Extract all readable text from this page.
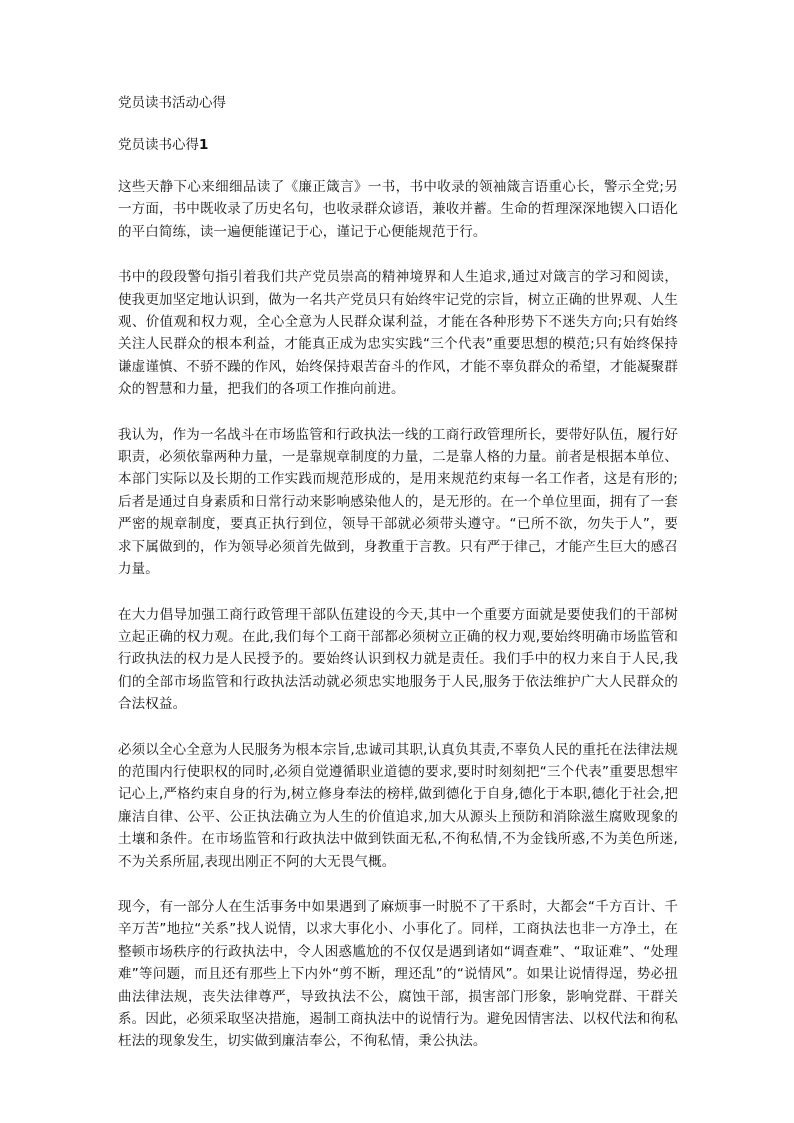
党员读书活动心得
党员读书心得1

这些天静下心来细细品读了《廉正箴言》一书，书中收录的领袖箴言语重心长，警示全党;另一方面，书中既收录了历史名句，也收录群众谚语，兼收并蓄。生命的哲理深深地锲入口语化的平白简练，读一遍便能谨记于心，谨记于心便能规范于行。

书中的段段警句指引着我们共产党员崇高的精神境界和人生追求,通过对箴言的学习和阅读，使我更加坚定地认识到，做为一名共产党员只有始终牢记党的宗旨，树立正确的世界观、人生观、价值观和权力观，全心全意为人民群众谋利益，才能在各种形势下不迷失方向;只有始终关注人民群众的根本利益，才能真正成为忠实实践“三个代表”重要思想的模范;只有始终保持谦虚谨慎、不骄不躁的作风，始终保持艰苦奋斗的作风，才能不辜负群众的希望，才能凝聚群众的智慧和力量，把我们的各项工作推向前进。

我认为，作为一名战斗在市场监管和行政执法一线的工商行政管理所长，要带好队伍，履行好职责，必须依靠两种力量，一是靠规章制度的力量，二是靠人格的力量。前者是根据本单位、本部门实际以及长期的工作实践而规范形成的，是用来规范约束每一名工作者，这是有形的;后者是通过自身素质和日常行动来影响感染他人的，是无形的。在一个单位里面，拥有了一套严密的规章制度，要真正执行到位，领导干部就必须带头遵守。“已所不欲，勿失于人”，要求下属做到的，作为领导必须首先做到，身教重于言教。只有严于律己，才能产生巨大的感召力量。

在大力倡导加强工商行政管理干部队伍建设的今天,其中一个重要方面就是要使我们的干部树立起正确的权力观。在此,我们每个工商干部都必须树立正确的权力观,要始终明确市场监管和行政执法的权力是人民授予的。要始终认识到权力就是责任。我们手中的权力来自于人民,我们的全部市场监管和行政执法活动就必须忠实地服务于人民,服务于依法维护广大人民群众的合法权益。

必须以全心全意为人民服务为根本宗旨,忠诚司其职,认真负其责,不辜负人民的重托在法律法规的范围内行使职权的同时,必须自觉遵循职业道德的要求,要时时刻刻把“三个代表”重要思想牢记心上,严格约束自身的行为,树立修身奉法的榜样,做到德化于自身,德化于本职,德化于社会,把廉洁自律、公平、公正执法确立为人生的价值追求,加大从源头上预防和消除滋生腐败现象的土壤和条件。在市场监管和行政执法中做到铁面无私,不徇私情,不为金钱所惑,不为美色所迷,不为关系所屈,表现出刚正不阿的大无畏气概。

现今，有一部分人在生活事务中如果遇到了麻烦事一时脱不了干系时，大都会“千方百计、千辛万苦”地拉“关系”找人说情，以求大事化小、小事化了。同样，工商执法也非一方净土，在整顿市场秩序的行政执法中，令人困惑尴尬的不仅仅是遇到诸如“调查难”、“取证难”、“处理难”等问题，而且还有那些上下内外“剪不断，理还乱”的“说情风”。如果让说情得逞，势必扭曲法律法规，丧失法律尊严，导致执法不公，腐蚀干部，损害部门形象，影响党群、干群关系。因此，必须采取坚决措施，遏制工商执法中的说情行为。避免因情害法、以权代法和徇私枉法的现象发生，切实做到廉洁奉公，不徇私情，秉公执法。
